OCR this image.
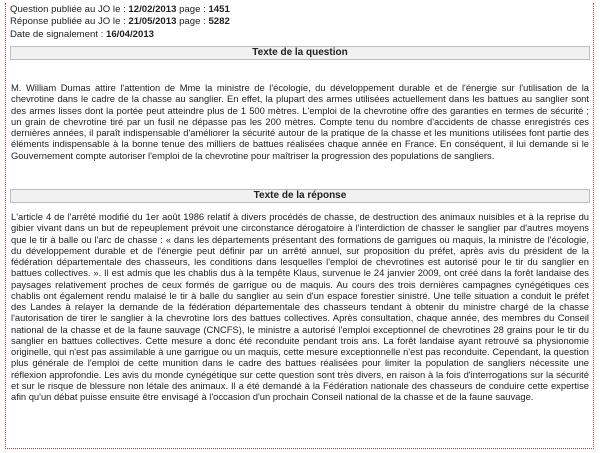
Question publiée au JO le : 12/02/2013 page : 1451
Réponse publiée au JO le : 21/05/2013 page : 5282
Date de signalement : 16/04/2013
Texte de la question

M. William Dumas attire l'attention de Mme la ministre de l'écologie, du développement durable et de l'énergie sur l'utilisation de la chevrotine dans le cadre de la chasse au sanglier. En effet, la plupart des armes utilisées actuellement dans les battues au sanglier sont des armes lisses dont la portée peut atteindre plus de 1 500 mètres. L'emploi de la chevrotine offre des garanties en termes de sécurité ; un grain de chevrotine tiré par un fusil ne dépasse pas les 200 mètres. Compte tenu du nombre d'accidents de chasse enregistrés ces dernières années, il paraît indispensable d'améliorer la sécurité autour de la pratique de la chasse et les munitions utilisées font partie des éléments indispensable à la bonne tenue des milliers de battues réalisées chaque année en France. En conséquent, il lui demande si le Gouvernement compte autoriser l'emploi de la chevrotine pour maîtriser la progression des populations de sangliers.

Texte de la réponse

L'article 4 de l'arrêté modifié du 1er août 1986 relatif à divers procédés de chasse, de destruction des animaux nuisibles et à la reprise du gibier vivant dans un but de repeuplement prévoit une circonstance dérogatoire à l'interdiction de chasser le sanglier par d'autres moyens que le tir à balle ou l'arc de chasse : « dans les départements présentant des formations de garrigues ou maquis, la ministre de l'écologie, du développement durable et de l'énergie peut définir par un arrêté annuel, sur proposition du préfet, après avis du président de la fédération départementale des chasseurs, les conditions dans lesquelles l'emploi de chevrotines est autorisé pour le tir du sanglier en battues collectives. ». Il est admis que les chablis dus à la tempête Klaus, survenue le 24 janvier 2009, ont créé dans la forêt landaise des paysages relativement proches de ceux formés de garrigue ou de maquis. Au cours des trois dernières campagnes cynégétiques ces chablis ont également rendu malaisé le tir à balle du sanglier au sein d'un espace forestier sinistré. Une telle situation a conduit le préfet des Landes à relayer la demande de la fédération départementale des chasseurs tendant à obtenir du ministre chargé de la chasse l'autorisation de tirer le sanglier à la chevrotine lors des battues collectives. Après consultation, chaque année, des membres du Conseil national de la chasse et de la faune sauvage (CNCFS), le ministre a autorisé l'emploi exceptionnel de chevrotines 28 grains pour le tir du sanglier en battues collectives. Cette mesure a donc été reconduite pendant trois ans. La forêt landaise ayant retrouvé sa physionomie originelle, qui n'est pas assimilable à une garrigue ou un maquis, cette mesure exceptionnelle n'est pas reconduite. Cependant, la question plus générale de l'emploi de cette munition dans le cadre des battues réalisées pour limiter la population de sangliers nécessite une réflexion approfondie. Les avis du monde cynégétique sur cette question sont très divers, en raison à la fois d'interrogations sur la sécurité et sur le risque de blessure non létale des animaux. Il a été demandé à la Fédération nationale des chasseurs de conduire cette expertise afin qu'un débat puisse ensuite être envisagé à l'occasion d'un prochain Conseil national de la chasse et de la faune sauvage.
